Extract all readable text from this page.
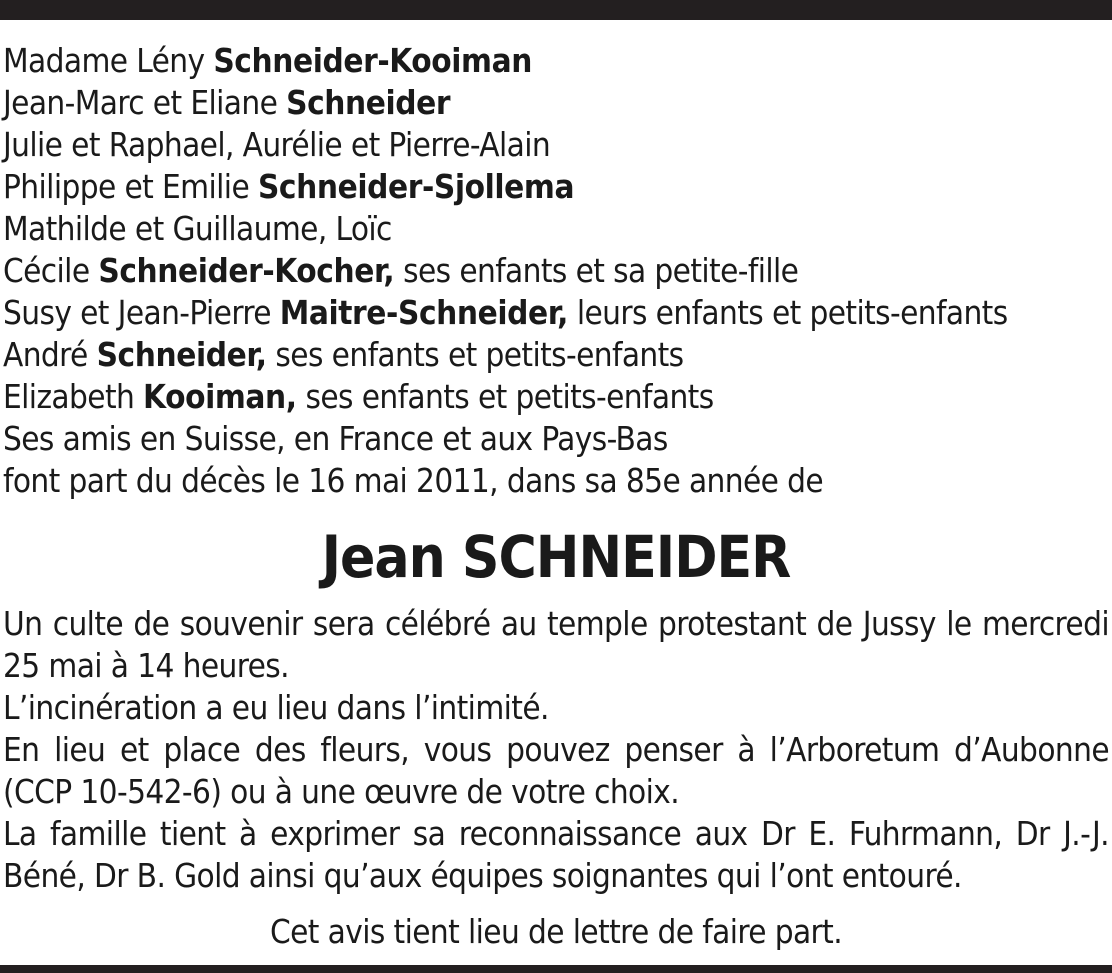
Madame Lény Schneider-Kooiman
Jean-Marc et Eliane Schneider
Julie et Raphael, Aurélie et Pierre-Alain
Philippe et Emilie Schneider-Sjollema
Mathilde et Guillaume, Loïc
Cécile Schneider-Kocher, ses enfants et sa petite-fille
Susy et Jean-Pierre Maitre-Schneider, leurs enfants et petits-enfants
André Schneider, ses enfants et petits-enfants
Elizabeth Kooiman, ses enfants et petits-enfants
Ses amis en Suisse, en France et aux Pays-Bas
font part du décès le 16 mai 2011, dans sa 85e année de
Jean SCHNEIDER
Un culte de souvenir sera célébré au temple protestant de Jussy le mercredi 25 mai à 14 heures.
L’incinération a eu lieu dans l’intimité.
En lieu et place des fleurs, vous pouvez penser à l’Arboretum d’Aubonne (CCP 10-542-6) ou à une œuvre de votre choix.
La famille tient à exprimer sa reconnaissance aux Dr E. Fuhrmann, Dr J.-J. Béné, Dr B. Gold ainsi qu’aux équipes soignantes qui l’ont entouré.
Cet avis tient lieu de lettre de faire part.
